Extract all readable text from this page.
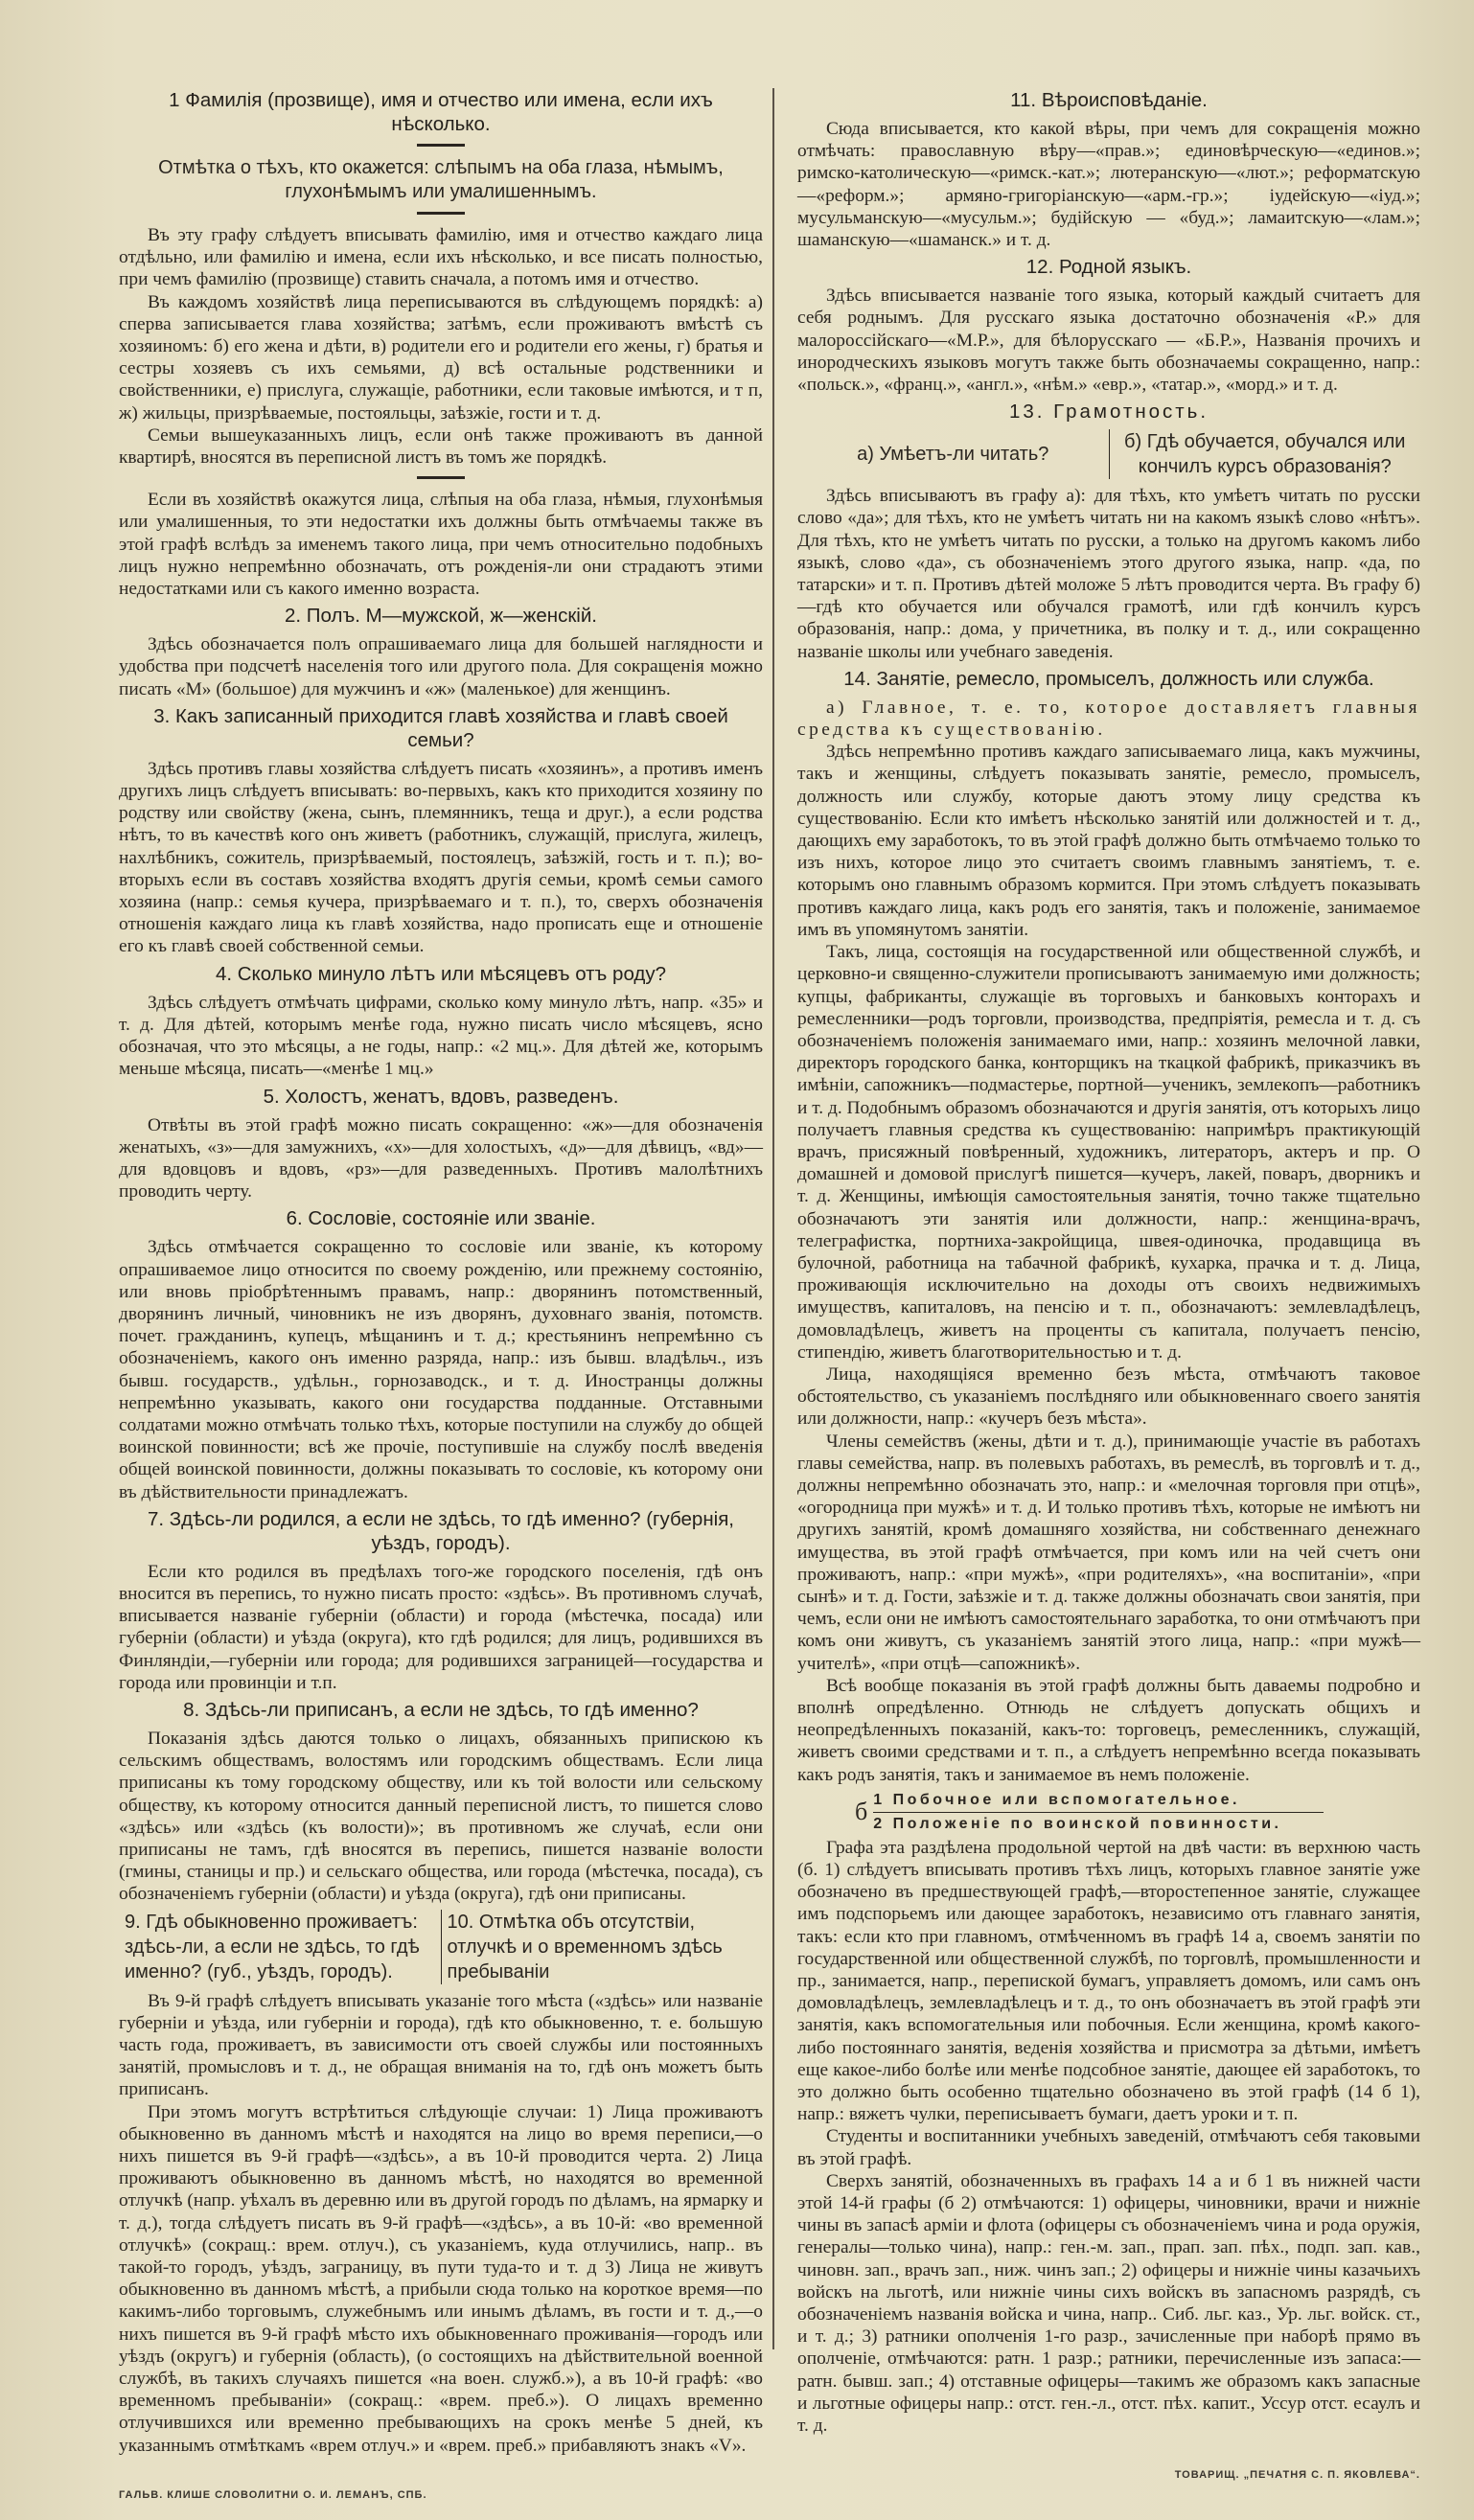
1 Фамилія (прозвище), имя и отчество или имена, если ихъ нѣсколько.
Отмѣтка о тѣхъ, кто окажется: слѣпымъ на оба глаза, нѣмымъ, глухонѣмымъ или умалишеннымъ.

Въ эту графу слѣдуетъ вписывать фамилію, имя и отчество каждаго лица отдѣльно, или фамилію и имена, если ихъ нѣсколько, и все писать полностью, при чемъ фамилію (прозвище) ставить сначала, а потомъ имя и отчество.

Въ каждомъ хозяйствѣ лица переписываются въ слѣдующемъ порядкѣ: а) сперва записывается глава хозяйства; затѣмъ, если проживаютъ вмѣстѣ съ хозяиномъ: б) его жена и дѣти, в) родители его и родители его жены, г) братья и сестры хозяевъ съ ихъ семьями, д) всѣ остальные родственники и свойственники, е) прислуга, служащіе, работники, если таковые имѣются, и т п, ж) жильцы, призрѣваемые, постояльцы, заѣзжіе, гости и т. д.

Семьи вышеуказанныхъ лицъ, если онѣ также проживаютъ въ данной квартирѣ, вносятся въ переписной листъ въ томъ же порядкѣ.

Если въ хозяйствѣ окажутся лица, слѣпыя на оба глаза, нѣмыя, глухонѣмыя или умалишенныя, то эти недостатки ихъ должны быть отмѣчаемы также въ этой графѣ вслѣдъ за именемъ такого лица, при чемъ относительно подобныхъ лицъ нужно непремѣнно обозначать, отъ рожденія-ли они страдаютъ этими недостатками или съ какого именно возраста.

2. Полъ. М—мужской, ж—женскій.

Здѣсь обозначается полъ опрашиваемаго лица для большей наглядности и удобства при подсчетѣ населенія того или другого пола. Для сокращенія можно писать «М» (большое) для мужчинъ и «ж» (маленькое) для женщинъ.

3. Какъ записанный приходится главѣ хозяйства и главѣ своей семьи?

Здѣсь противъ главы хозяйства слѣдуетъ писать «хозяинъ», а противъ именъ другихъ лицъ слѣдуетъ вписывать: во-первыхъ, какъ кто приходится хозяину по родству или свойству (жена, сынъ, племянникъ, теща и друг.), а если родства нѣтъ, то въ качествѣ кого онъ живетъ (работникъ, служащій, прислуга, жилецъ, нахлѣбникъ, сожитель, призрѣваемый, постоялецъ, заѣзжій, гость и т. п.); во-вторыхъ если въ составъ хозяйства входятъ другія семьи, кромѣ семьи самого хозяина (напр.: семья кучера, призрѣваемаго и т. п.), то, сверхъ обозначенія отношенія каждаго лица къ главѣ хозяйства, надо прописать еще и отношеніе его къ главѣ своей собственной семьи.

4. Сколько минуло лѣтъ или мѣсяцевъ отъ роду?

Здѣсь слѣдуетъ отмѣчать цифрами, сколько кому минуло лѣтъ, напр. «35» и т. д. Для дѣтей, которымъ менѣе года, нужно писать число мѣсяцевъ, ясно обозначая, что это мѣсяцы, а не годы, напр.: «2 мц.». Для дѣтей же, которымъ меньше мѣсяца, писать—«менѣе 1 мц.»

5. Холостъ, женатъ, вдовъ, разведенъ.

Отвѣты въ этой графѣ можно писать сокращенно: «ж»—для обозначенія женатыхъ, «з»—для замужнихъ, «х»—для холостыхъ, «д»—для дѣвицъ, «вд»—для вдовцовъ и вдовъ, «рз»—для разведенныхъ. Противъ малолѣтнихъ проводить черту.

6. Сословіе, состояніе или званіе.

Здѣсь отмѣчается сокращенно то сословіе или званіе, къ которому опрашиваемое лицо относится по своему рожденію, или прежнему состоянію, или вновь пріобрѣтеннымъ правамъ, напр.: дворянинъ потомственный, дворянинъ личный, чиновникъ не изъ дворянъ, духовнаго званія, потомств. почет. гражданинъ, купецъ, мѣщанинъ и т. д.; крестьянинъ непремѣнно съ обозначеніемъ, какого онъ именно разряда, напр.: изъ бывш. владѣльч., изъ бывш. государств., удѣльн., горнозаводск., и т. д. Иностранцы должны непремѣнно указывать, какого они государства подданные. Отставными солдатами можно отмѣчать только тѣхъ, которые поступили на службу до общей воинской повинности; всѣ же прочіе, поступившіе на службу послѣ введенія общей воинской повинности, должны показывать то сословіе, къ которому они въ дѣйствительности принадлежатъ.

7. Здѣсь-ли родился, а если не здѣсь, то гдѣ именно? (губернія, уѣздъ, городъ).

Если кто родился въ предѣлахъ того-же городского поселенія, гдѣ онъ вносится въ перепись, то нужно писать просто: «здѣсь». Въ противномъ случаѣ, вписывается названіе губерніи (области) и города (мѣстечка, посада) или губерніи (области) и уѣзда (округа), кто гдѣ родился; для лицъ, родившихся въ Финляндіи,—губерніи или города; для родившихся заграницей—государства и города или провинціи и т.п.

8. Здѣсь-ли приписанъ, а если не здѣсь, то гдѣ именно?

Показанія здѣсь даются только о лицахъ, обязанныхъ припискою къ сельскимъ обществамъ, волостямъ или городскимъ обществамъ. Если лица приписаны къ тому городскому обществу, или къ той волости или сельскому обществу, къ которому относится данный переписной листъ, то пишется слово «здѣсь» или «здѣсь (къ волости)»; въ противномъ же случаѣ, если они приписаны не тамъ, гдѣ вносятся въ перепись, пишется названіе волости (гмины, станицы и пр.) и сельскаго общества, или города (мѣстечка, посада), съ обозначеніемъ губерніи (области) и уѣзда (округа), гдѣ они приписаны.

9. Гдѣ обыкновенно проживаетъ: здѣсь-ли, а если не здѣсь, то гдѣ именно? (губ., уѣздъ, городъ).
10. Отмѣтка объ отсутствіи, отлучкѣ и о временномъ здѣсь пребываніи

Въ 9-й графѣ слѣдуетъ вписывать указаніе того мѣста («здѣсь» или названіе губерніи и уѣзда, или губерніи и города), гдѣ кто обыкновенно, т. е. большую часть года, проживаетъ, въ зависимости отъ своей службы или постоянныхъ занятій, промысловъ и т. д., не обращая вниманія на то, гдѣ онъ можетъ быть приписанъ.

При этомъ могутъ встрѣтиться слѣдующіе случаи: 1) Лица проживаютъ обыкновенно въ данномъ мѣстѣ и находятся на лицо во время переписи,—о нихъ пишется въ 9-й графѣ—«здѣсь», а въ 10-й проводится черта. 2) Лица проживаютъ обыкновенно въ данномъ мѣстѣ, но находятся во временной отлучкѣ (напр. уѣхалъ въ деревню или въ другой городъ по дѣламъ, на ярмарку и т. д.), тогда слѣдуетъ писать въ 9-й графѣ—«здѣсь», а въ 10-й: «во временной отлучкѣ» (сокращ.: врем. отлуч.), съ указаніемъ, куда отлучились, напр.. въ такой-то городъ, уѣздъ, заграницу, въ пути туда-то и т. д 3) Лица не живутъ обыкновенно въ данномъ мѣстѣ, а прибыли сюда только на короткое время—по какимъ-либо торговымъ, служебнымъ или инымъ дѣламъ, въ гости и т. д.,—о нихъ пишется въ 9-й графѣ мѣсто ихъ обыкновеннаго проживанія—городъ или уѣздъ (округъ) и губернія (область), (о состоящихъ на дѣйствительной военной службѣ, въ такихъ случаяхъ пишется «на воен. служб.»), а въ 10-й графѣ: «во временномъ пребываніи» (сокращ.: «врем. преб.»). О лицахъ временно отлучившихся или временно пребывающихъ на срокъ менѣе 5 дней, къ указаннымъ отмѣткамъ «врем отлуч.» и «врем. преб.» прибавляютъ знакъ «V».

ГАЛЬВ. КЛИШЕ СЛОВОЛИТНИ О. И. ЛЕМАНЪ, СПБ.
11. Вѣроисповѣданіе.

Сюда вписывается, кто какой вѣры, при чемъ для сокращенія можно отмѣчать: православную вѣру—«прав.»; единовѣрческую—«единов.»; римско-католическую—«римск.-кат.»; лютеранскую—«лют.»; реформатскую—«реформ.»; армяно-григоріанскую—«арм.-гр.»; іудейскую—«іуд.»; мусульманскую—«мусульм.»; будійскую — «буд.»; ламаитскую—«лам.»; шаманскую—«шаманск.» и т. д.

12. Родной языкъ.

Здѣсь вписывается названіе того языка, который каждый считаетъ для себя роднымъ. Для русскаго языка достаточно обозначенія «Р.» для малороссійскаго—«М.Р.», для бѣлорусскаго — «Б.Р.», Названія прочихъ и инородческихъ языковъ могутъ также быть обозначаемы сокращенно, напр.: «польск.», «франц.», «англ.», «нѣм.» «евр.», «татар.», «морд.» и т. д.

13. Грамотность.
а) Умѣетъ-ли читать?
б) Гдѣ обучается, обучался или кончилъ курсъ образованія?

Здѣсь вписываютъ въ графу а): для тѣхъ, кто умѣетъ читать по русски слово «да»; для тѣхъ, кто не умѣетъ читать ни на какомъ языкѣ слово «нѣтъ». Для тѣхъ, кто не умѣетъ читать по русски, а только на другомъ какомъ либо языкѣ, слово «да», съ обозначеніемъ этого другого языка, напр. «да, по татарски» и т. п. Противъ дѣтей моложе 5 лѣтъ проводится черта. Въ графу б)—гдѣ кто обучается или обучался грамотѣ, или гдѣ кончилъ курсъ образованія, напр.: дома, у причетника, въ полку и т. д., или сокращенно названіе школы или учебнаго заведенія.

14. Занятіе, ремесло, промыселъ, должность или служба.
а) Главное, т. е. то, которое доставляетъ главныя средства къ существованію.

Здѣсь непремѣнно противъ каждаго записываемаго лица, какъ мужчины, такъ и женщины, слѣдуетъ показывать занятіе, ремесло, промыселъ, должность или службу, которые даютъ этому лицу средства къ существованію. Если кто имѣетъ нѣсколько занятій или должностей и т. д., дающихъ ему заработокъ, то въ этой графѣ должно быть отмѣчаемо только то изъ нихъ, которое лицо это считаетъ своимъ главнымъ занятіемъ, т. е. которымъ оно главнымъ образомъ кормится. При этомъ слѣдуетъ показывать противъ каждаго лица, какъ родъ его занятія, такъ и положеніе, занимаемое имъ въ упомянутомъ занятіи.

Такъ, лица, состоящія на государственной или общественной службѣ, и церковно-и священно-служители прописываютъ занимаемую ими должность; купцы, фабриканты, служащіе въ торговыхъ и банковыхъ конторахъ и ремесленники—родъ торговли, производства, предпріятія, ремесла и т. д. съ обозначеніемъ положенія занимаемаго ими, напр.: хозяинъ мелочной лавки, директоръ городского банка, конторщикъ на ткацкой фабрикѣ, приказчикъ въ имѣніи, сапожникъ—подмастерье, портной—ученикъ, землекопъ—работникъ и т. д. Подобнымъ образомъ обозначаются и другія занятія, отъ которыхъ лицо получаетъ главныя средства къ существованію: напримѣръ практикующій врачъ, присяжный повѣренный, художникъ, литераторъ, актеръ и пр. О домашней и домовой прислугѣ пишется—кучеръ, лакей, поваръ, дворникъ и т. д. Женщины, имѣющія самостоятельныя занятія, точно также тщательно обозначаютъ эти занятія или должности, напр.: женщина-врачъ, телеграфистка, портниха-закройщица, швея-одиночка, продавщица въ булочной, работница на табачной фабрикѣ, кухарка, прачка и т. д. Лица, проживающія исключительно на доходы отъ своихъ недвижимыхъ имуществъ, капиталовъ, на пенсію и т. п., обозначаютъ: землевладѣлецъ, домовладѣлецъ, живетъ на проценты съ капитала, получаетъ пенсію, стипендію, живетъ благотворительностью и т. д.

Лица, находящіяся временно безъ мѣста, отмѣчаютъ таковое обстоятельство, съ указаніемъ послѣдняго или обыкновеннаго своего занятія или должности, напр.: «кучеръ безъ мѣста».

Члены семействъ (жены, дѣти и т. д.), принимающіе участіе въ работахъ главы семейства, напр. въ полевыхъ работахъ, въ ремеслѣ, въ торговлѣ и т. д., должны непремѣнно обозначать это, напр.: и «мелочная торговля при отцѣ», «огородница при мужѣ» и т. д. И только противъ тѣхъ, которые не имѣютъ ни другихъ занятій, кромѣ домашняго хозяйства, ни собственнаго денежнаго имущества, въ этой графѣ отмѣчается, при комъ или на чей счетъ они проживаютъ, напр.: «при мужѣ», «при родителяхъ», «на воспитаніи», «при сынѣ» и т. д. Гости, заѣзжіе и т. д. также должны обозначать свои занятія, при чемъ, если они не имѣютъ самостоятельнаго заработка, то они отмѣчаютъ при комъ они живутъ, съ указаніемъ занятій этого лица, напр.: «при мужѣ—учителѣ», «при отцѣ—сапожникѣ».

Всѣ вообще показанія въ этой графѣ должны быть даваемы подробно и вполнѣ опредѣленно. Отнюдь не слѣдуетъ допускать общихъ и неопредѣленныхъ показаній, какъ-то: торговецъ, ремесленникъ, служащій, живетъ своими средствами и т. п., а слѣдуетъ непремѣнно всегда показывать какъ родъ занятія, такъ и занимаемое въ немъ положеніе.

б 1 Побочное или вспомогательное.
2 Положеніе по воинской повинности.

Графа эта раздѣлена продольной чертой на двѣ части: въ верхнюю часть (б. 1) слѣдуетъ вписывать противъ тѣхъ лицъ, которыхъ главное занятіе уже обозначено въ предшествующей графѣ,—второстепенное занятіе, служащее имъ подспорьемъ или дающее заработокъ, независимо отъ главнаго занятія, такъ: если кто при главномъ, отмѣченномъ въ графѣ 14 а, своемъ занятіи по государственной или общественной службѣ, по торговлѣ, промышленности и пр., занимается, напр., перепиской бумагъ, управляетъ домомъ, или самъ онъ домовладѣлецъ, землевладѣлецъ и т. д., то онъ обозначаетъ въ этой графѣ эти занятія, какъ вспомогательныя или побочныя. Если женщина, кромѣ какого-либо постояннаго занятія, веденія хозяйства и присмотра за дѣтьми, имѣетъ еще какое-либо болѣе или менѣе подсобное занятіе, дающее ей заработокъ, то это должно быть особенно тщательно обозначено въ этой графѣ (14 б 1), напр.: вяжетъ чулки, переписываетъ бумаги, даетъ уроки и т. п.

Студенты и воспитанники учебныхъ заведеній, отмѣчаютъ себя таковыми въ этой графѣ.

Сверхъ занятій, обозначенныхъ въ графахъ 14 а и б 1 въ нижней части этой 14-й графы (б 2) отмѣчаются: 1) офицеры, чиновники, врачи и нижніе чины въ запасѣ арміи и флота (офицеры съ обозначеніемъ чина и рода оружія, генералы—только чина), напр.: ген.-м. зап., прап. зап. пѣх., подп. зап. кав., чиновн. зап., врачъ зап., ниж. чинъ зап.; 2) офицеры и нижніе чины казачьихъ войскъ на льготѣ, или нижніе чины сихъ войскъ въ запасномъ разрядѣ, съ обозначеніемъ названія войска и чина, напр.. Сиб. льг. каз., Ур. льг. войск. ст., и т. д.; 3) ратники ополченія 1-го разр., зачисленные при наборѣ прямо въ ополченіе, отмѣчаются: ратн. 1 разр.; ратники, перечисленные изъ запаса:—ратн. бывш. зап.; 4) отставные офицеры—такимъ же образомъ какъ запасные и льготные офицеры напр.: отст. ген.-л., отст. пѣх. капит., Уссур отст. есаулъ и т. д.

ТОВАРИЩ. „ПЕЧАТНЯ С. П. ЯКОВЛЕВА“.
